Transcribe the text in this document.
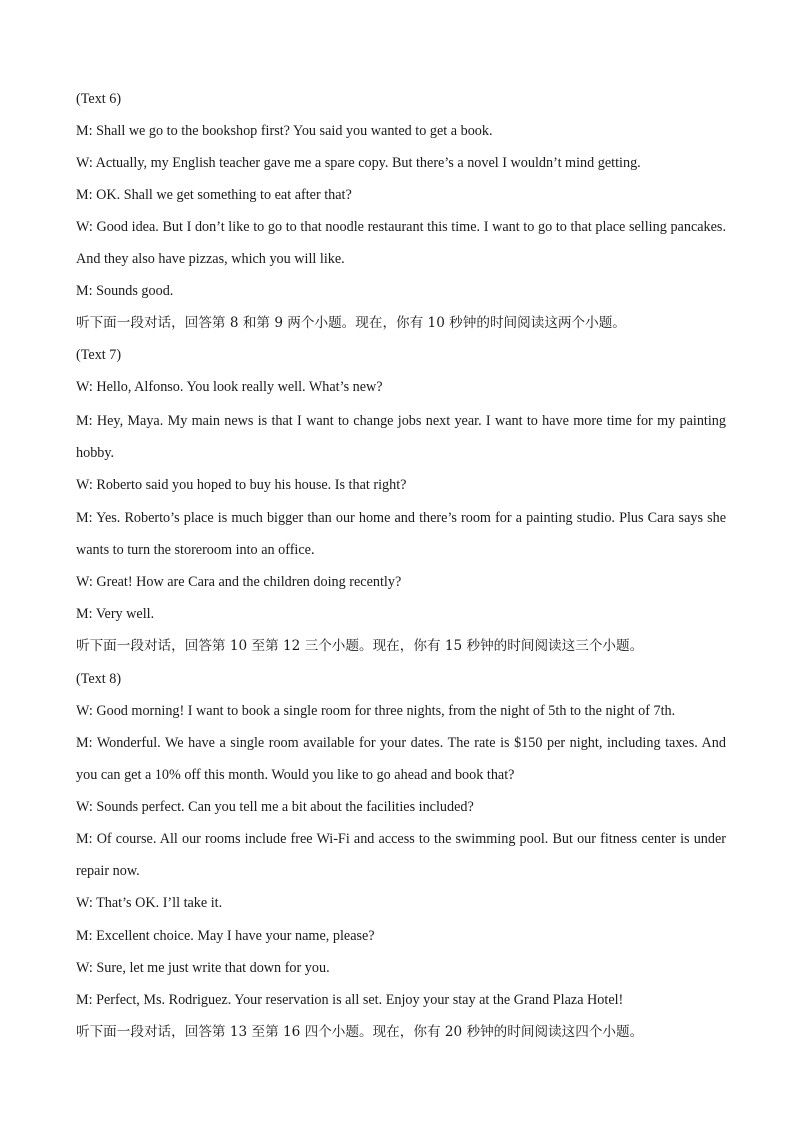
(Text 6)
M: Shall we go to the bookshop first? You said you wanted to get a book.
W: Actually, my English teacher gave me a spare copy. But there’s a novel I wouldn’t mind getting.
M: OK. Shall we get something to eat after that?
W: Good idea. But I don’t like to go to that noodle restaurant this time. I want to go to that place selling pancakes.
And they also have pizzas, which you will like.
M: Sounds good.
听下面一段对话，回答第 8 和第 9 两个小题。现在，你有 10 秒钟的时间阅读这两个小题。
(Text 7)
W: Hello, Alfonso. You look really well. What’s new?
M: Hey, Maya. My main news is that I want to change jobs next year. I want to have more time for my painting
hobby.
W: Roberto said you hoped to buy his house. Is that right?
M: Yes. Roberto’s place is much bigger than our home and there’s room for a painting studio. Plus Cara says she
wants to turn the storeroom into an office.
W: Great! How are Cara and the children doing recently?
M: Very well.
听下面一段对话，回答第 10 至第 12 三个小题。现在，你有 15 秒钟的时间阅读这三个小题。
(Text 8)
W: Good morning! I want to book a single room for three nights, from the night of 5th to the night of 7th.
M: Wonderful. We have a single room available for your dates. The rate is $150 per night, including taxes. And
you can get a 10% off this month. Would you like to go ahead and book that?
W: Sounds perfect. Can you tell me a bit about the facilities included?
M: Of course. All our rooms include free Wi-Fi and access to the swimming pool. But our fitness center is under
repair now.
W: That’s OK. I’ll take it.
M: Excellent choice. May I have your name, please?
W: Sure, let me just write that down for you.
M: Perfect, Ms. Rodriguez. Your reservation is all set. Enjoy your stay at the Grand Plaza Hotel!
听下面一段对话，回答第 13 至第 16 四个小题。现在，你有 20 秒钟的时间阅读这四个小题。
